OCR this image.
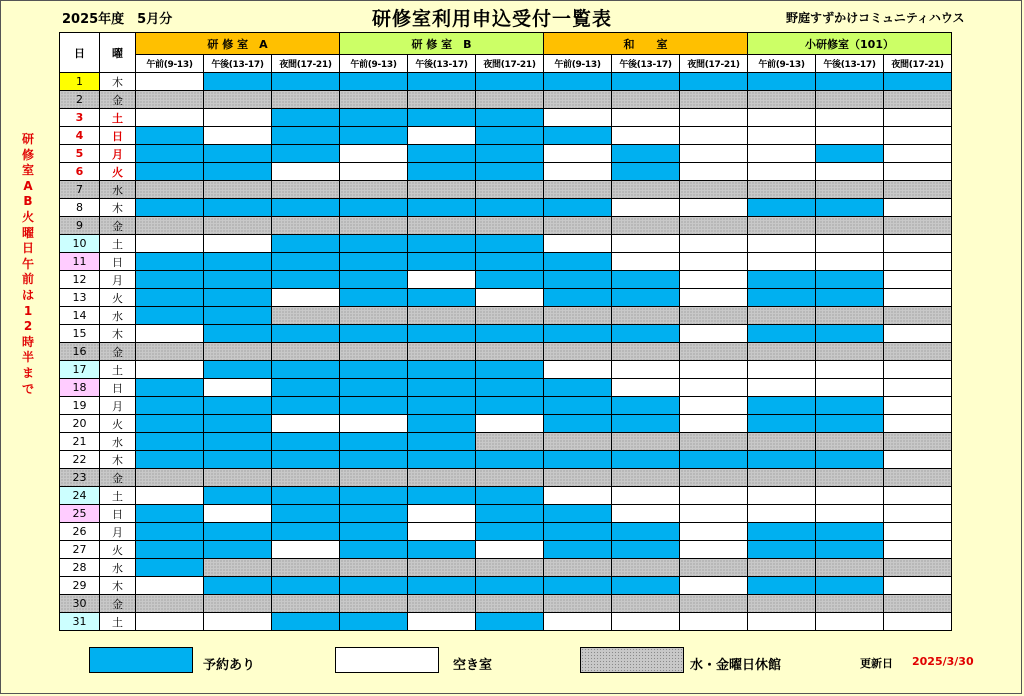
2025年度　5月分	研修室利用申込受付一覧表	野庭すずかけコミュニティハウス
研修室AB火曜日午前は12時半まで
日	曜	研 修 室　A			研 修 室　B			和　　室			小研修室（101）		
		午前(9-13)	午後(13-17)	夜間(17-21)	午前(9-13)	午後(13-17)	夜間(17-21)	午前(9-13)	午後(13-17)	夜間(17-21)	午前(9-13)	午後(13-17)	夜間(17-21)
1	木												
2	金												
3	土												
4	日												
5	月												
6	火												
7	水												
8	木												
9	金												
10	土												
11	日												
12	月												
13	火												
14	水												
15	木												
16	金												
17	土												
18	日												
19	月												
20	火												
21	水												
22	木												
23	金												
24	土												
25	日												
26	月												
27	火												
28	水												
29	木												
30	金												
31	土												
予約あり	空き室	水・金曜日休館	更新日 2025/3/30
